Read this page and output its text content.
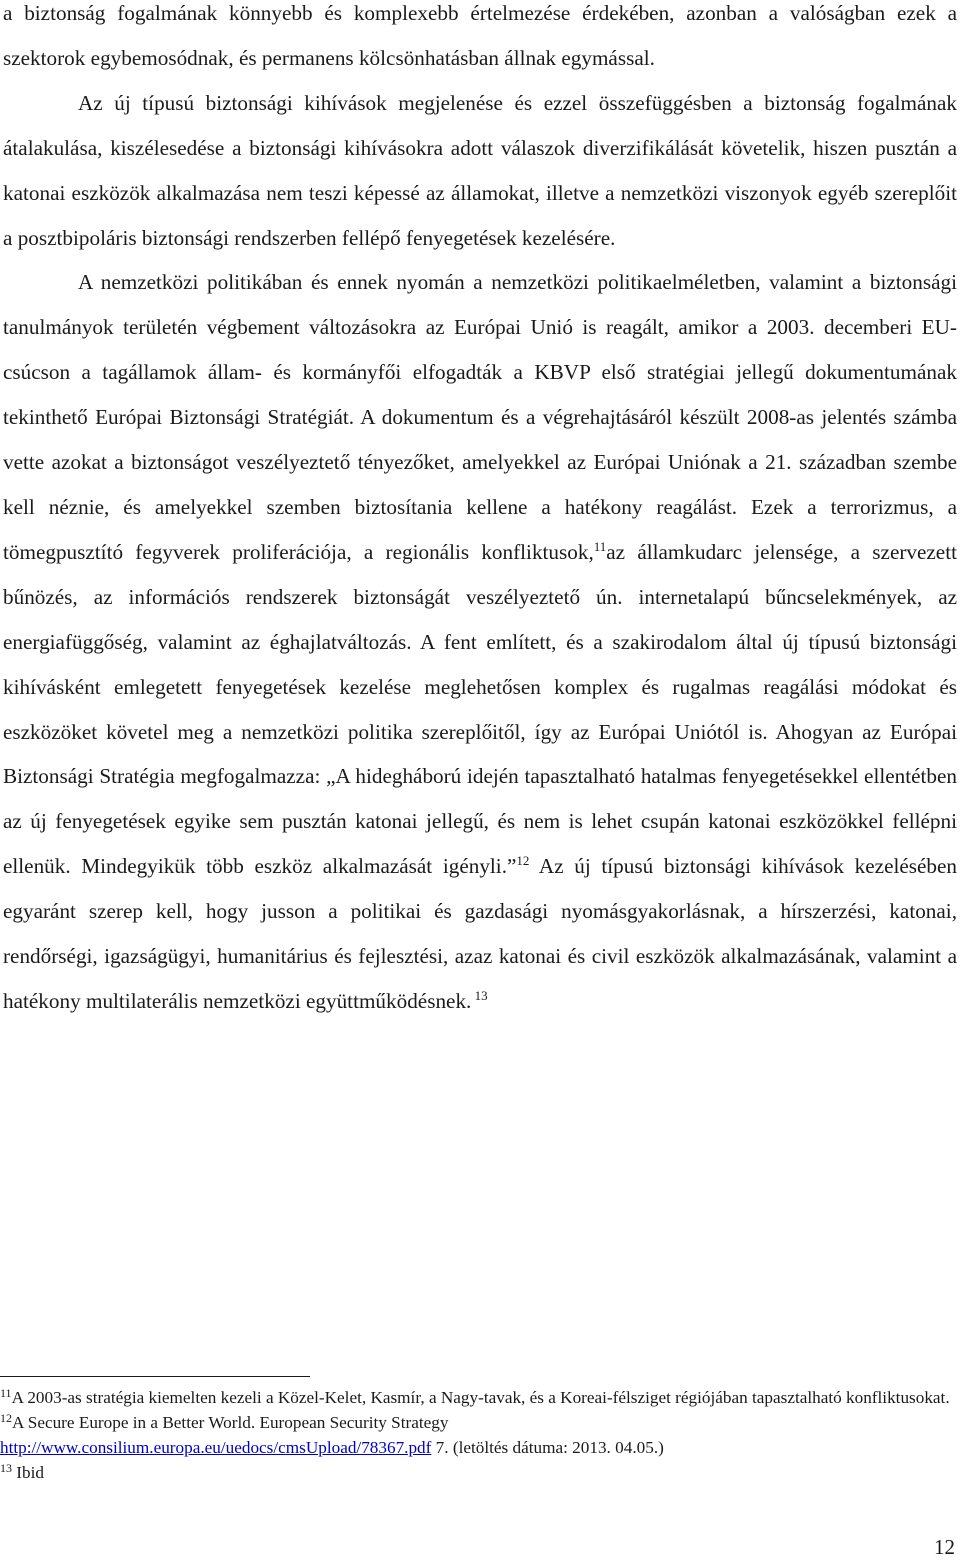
a biztonság fogalmának könnyebb és komplexebb értelmezése érdekében, azonban a valóságban ezek a szektorok egybemosódnak, és permanens kölcsönhatásban állnak egymással.

Az új típusú biztonsági kihívások megjelenése és ezzel összefüggésben a biztonság fogalmának átalakulása, kiszélesedése a biztonsági kihívásokra adott válaszok diverzifikálását követelik, hiszen pusztán a katonai eszközök alkalmazása nem teszi képessé az államokat, illetve a nemzetközi viszonyok egyéb szereplőit a posztbipoláris biztonsági rendszerben fellépő fenyegetések kezelésére.

A nemzetközi politikában és ennek nyomán a nemzetközi politikaelméletben, valamint a biztonsági tanulmányok területén végbement változásokra az Európai Unió is reagált, amikor a 2003. decemberi EU-csúcson a tagállamok állam- és kormányfői elfogadták a KBVP első stratégiai jellegű dokumentumának tekinthető Európai Biztonsági Stratégiát. A dokumentum és a végrehajtásáról készült 2008-as jelentés számba vette azokat a biztonságot veszélyeztető tényezőket, amelyekkel az Európai Uniónak a 21. században szembe kell néznie, és amelyekkel szemben biztosítania kellene a hatékony reagálást. Ezek a terrorizmus, a tömegpusztító fegyverek proliferációja, a regionális konfliktusok,$^{11}$az államkudarc jelensége, a szervezett bűnözés, az információs rendszerek biztonságát veszélyeztető ún. internetalapú bűncselekmények, az energiafüggőség, valamint az éghajlatváltozás. A fent említett, és a szakirodalom által új típusú biztonsági kihívásként emlegetett fenyegetések kezelése meglehetősen komplex és rugalmas reagálási módokat és eszközöket követel meg a nemzetközi politika szereplőitől, így az Európai Uniótól is. Ahogyan az Európai Biztonsági Stratégia megfogalmazza: „A hidegháború idején tapasztalható hatalmas fenyegetésekkel ellentétben az új fenyegetések egyike sem pusztán katonai jellegű, és nem is lehet csupán katonai eszközökkel fellépni ellenük. Mindegyikük több eszköz alkalmazását igényli.”$^{12}$ Az új típusú biztonsági kihívások kezelésében egyaránt szerep kell, hogy jusson a politikai és gazdasági nyomásgyakorlásnak, a hírszerzési, katonai, rendőrségi, igazságügyi, humanitárius és fejlesztési, azaz katonai és civil eszközök alkalmazásának, valamint a hatékony multilaterális nemzetközi együttműködésnek. $^{13}$

$^{11}$A 2003-as stratégia kiemelten kezeli a Közel-Kelet, Kasmír, a Nagy-tavak, és a Koreai-félsziget régiójában tapasztalható konfliktusokat.

$^{12}$A Secure Europe in a Better World. European Security Strategy
http://www.consilium.europa.eu/uedocs/cmsUpload/78367.pdf 7. (letöltés dátuma: 2013. 04.05.)

$^{13}$ Ibid

12
